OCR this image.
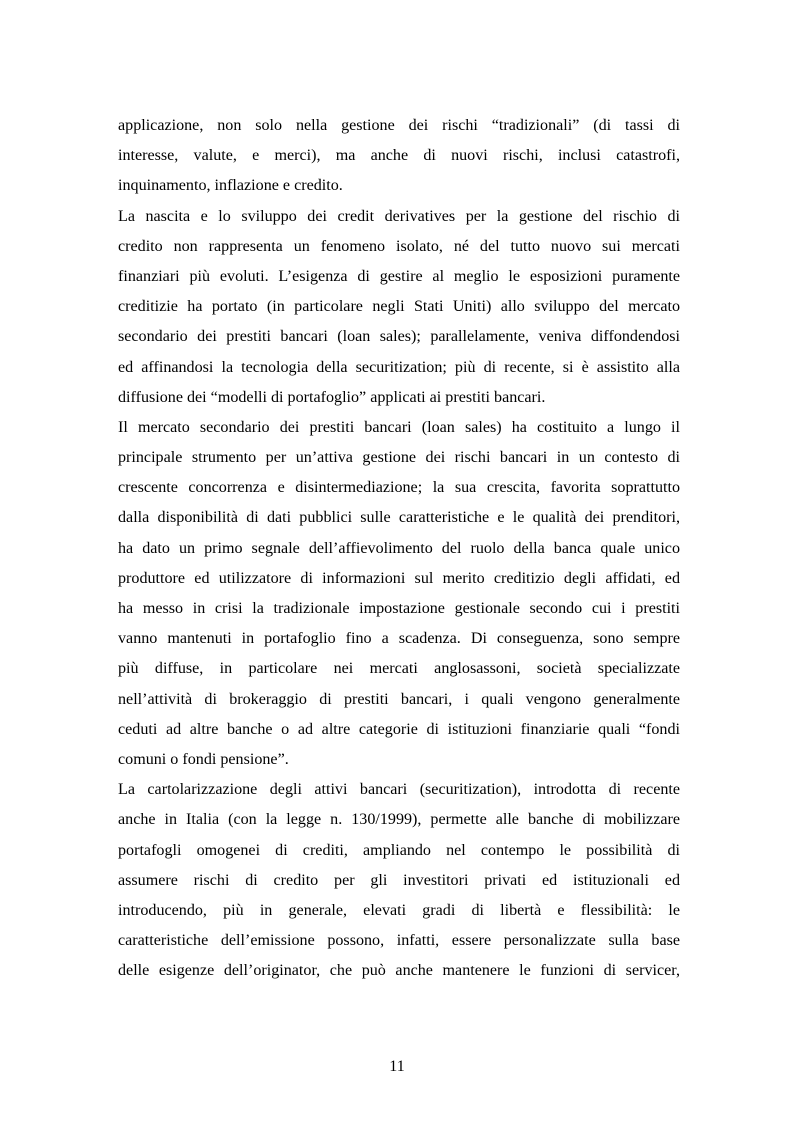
applicazione, non solo nella gestione dei rischi “tradizionali” (di tassi di
interesse, valute, e merci), ma anche di nuovi rischi, inclusi catastrofi,
inquinamento, inflazione e credito.
La nascita e lo sviluppo dei credit derivatives per la gestione del rischio di
credito non rappresenta un fenomeno isolato, né del tutto nuovo sui mercati
finanziari più evoluti. L’esigenza di gestire al meglio le esposizioni puramente
creditizie ha portato (in particolare negli Stati Uniti) allo sviluppo del mercato
secondario dei prestiti bancari (loan sales); parallelamente, veniva diffondendosi
ed affinandosi la tecnologia della securitization; più di recente, si è assistito alla
diffusione dei “modelli di portafoglio” applicati ai prestiti bancari.
Il mercato secondario dei prestiti bancari (loan sales) ha costituito a lungo il
principale strumento per un’attiva gestione dei rischi bancari in un contesto di
crescente concorrenza e disintermediazione; la sua crescita, favorita soprattutto
dalla disponibilità di dati pubblici sulle caratteristiche e le qualità dei prenditori,
ha dato un primo segnale dell’affievolimento del ruolo della banca quale unico
produttore ed utilizzatore di informazioni sul merito creditizio degli affidati, ed
ha messo in crisi la tradizionale impostazione gestionale secondo cui i prestiti
vanno mantenuti in portafoglio fino a scadenza. Di conseguenza, sono sempre
più diffuse, in particolare nei mercati anglosassoni, società specializzate
nell’attività di brokeraggio di prestiti bancari, i quali vengono generalmente
ceduti ad altre banche o ad altre categorie di istituzioni finanziarie quali “fondi
comuni o fondi pensione”.
La cartolarizzazione degli attivi bancari (securitization), introdotta di recente
anche in Italia (con la legge n. 130/1999), permette alle banche di mobilizzare
portafogli omogenei di crediti, ampliando nel contempo le possibilità di
assumere rischi di credito per gli investitori privati ed istituzionali ed
introducendo, più in generale, elevati gradi di libertà e flessibilità: le
caratteristiche dell’emissione possono, infatti, essere personalizzate sulla base
delle esigenze dell’originator, che può anche mantenere le funzioni di servicer,
11
